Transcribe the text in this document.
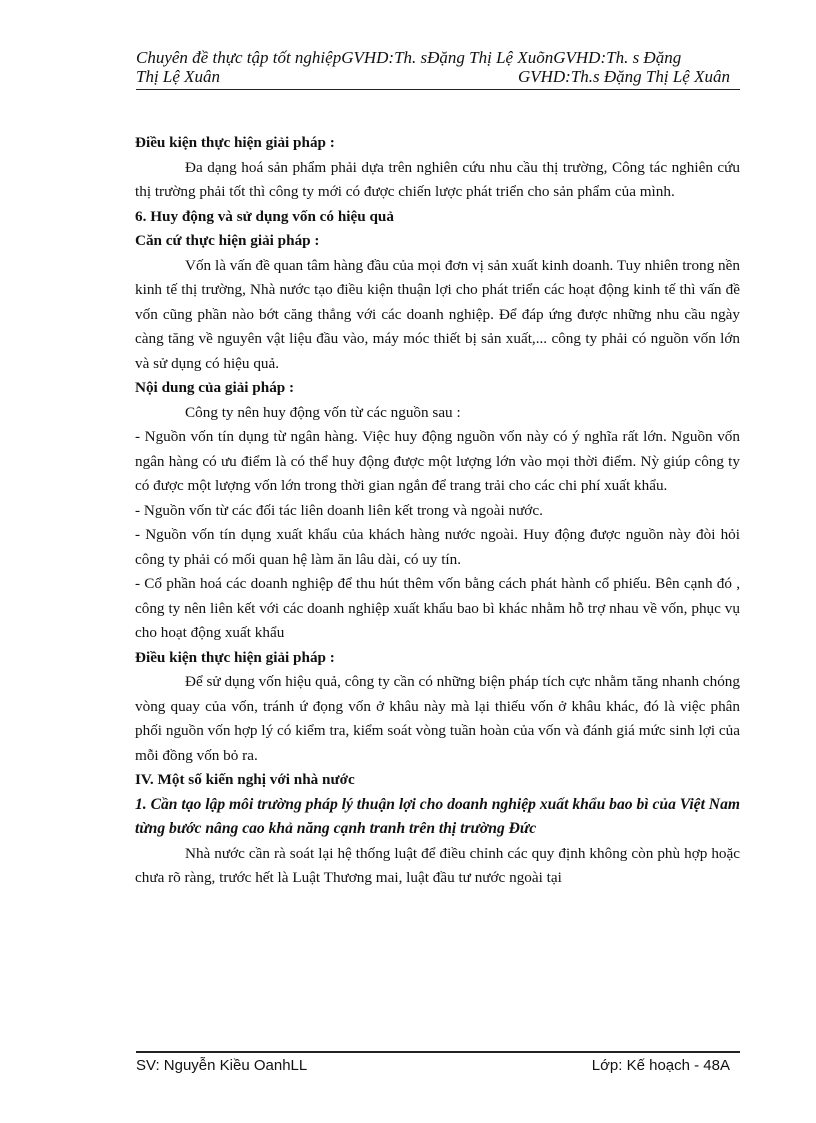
Chuyên đề thực tập tốt nghiệpGVHD:Th. sĐặng Thị Lệ XuõnGVHD:Th. s Đặng
Thị Lệ Xuân	GVHD:Th.s Đặng Thị Lệ Xuân

Điều kiện thực hiện giải pháp :

Đa dạng hoá sản phẩm phải dựa trên nghiên cứu nhu cầu thị trường, Công tác nghiên cứu thị trường phải tốt thì công ty mới có được chiến lược phát triển cho sản phẩm của mình.

6. Huy động và sử dụng vốn có hiệu quả

Căn cứ thực hiện giải pháp :

Vốn là vấn đề quan tâm hàng đầu của mọi đơn vị sản xuất kinh doanh. Tuy nhiên trong nền kinh tế thị trường, Nhà nước tạo điều kiện thuận lợi cho phát triển các hoạt động kinh tế thì vấn đề vốn cũng phần nào bớt căng thẳng với các doanh nghiệp. Để đáp ứng được những nhu cầu ngày càng tăng về nguyên vật liệu đầu vào, máy móc thiết bị sản xuất,... công ty phải có nguồn vốn lớn và sử dụng có hiệu quả.

Nội dung của giải pháp :

Công ty nên huy động vốn từ các nguồn sau :

- Nguồn vốn tín dụng từ ngân hàng. Việc huy động nguồn vốn này có ý nghĩa rất lớn. Nguồn vốn ngân hàng có ưu điểm là có thể huy động được một lượng lớn vào mọi thời điểm. Nỳ giúp công ty có được một lượng vốn lớn trong thời gian ngắn để trang trải cho các chi phí xuất khẩu.

- Nguồn vốn từ các đối tác liên doanh liên kết trong và ngoài nước.

- Nguồn vốn tín dụng xuất khẩu của khách hàng nước ngoài. Huy động được nguồn này đòi hỏi công ty phải có mối quan hệ làm ăn lâu dài, có uy tín.

- Cổ phần hoá các doanh nghiệp để thu hút thêm vốn bằng cách phát hành cổ phiếu. Bên cạnh đó , công ty nên liên kết với các doanh nghiệp xuất khẩu bao bì khác nhằm hỗ trợ nhau về vốn, phục vụ cho hoạt động xuất khẩu

Điều kiện thực hiện giải pháp :

Để sử dụng vốn hiệu quả, công ty cần có những biện pháp tích cực nhằm tăng nhanh chóng vòng quay của vốn, tránh ứ đọng vốn ở khâu này mà lại thiếu vốn ở khâu khác, đó là việc phân phối nguồn vốn hợp lý có kiểm tra, kiểm soát vòng tuần hoàn của vốn và đánh giá mức sinh lợi của mỗi đồng vốn bỏ ra.

IV. Một số kiến nghị với nhà nước

1. Cần tạo lập môi trường pháp lý thuận lợi cho doanh nghiệp xuất khẩu bao bì của Việt Nam từng bước nâng cao khả năng cạnh tranh trên thị trường Đức

Nhà nước cần rà soát lại hệ thống luật để điều chỉnh các quy định không còn phù hợp hoặc chưa rõ ràng, trước hết là Luật Thương mai, luật đầu tư nước ngoài tại

SV: Nguyễn Kiều OanhLL	Lớp: Kế hoạch - 48A
